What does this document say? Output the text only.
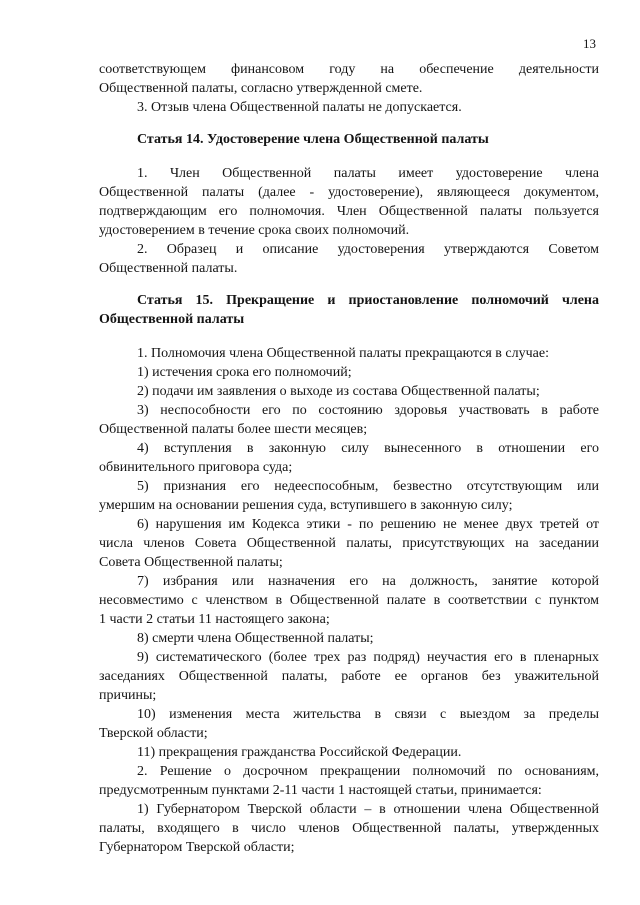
13
соответствующем финансовом году на обеспечение деятельности
Общественной палаты, согласно утвержденной смете.
3. Отзыв члена Общественной палаты не допускается.
Статья 14. Удостоверение члена Общественной палаты
1. Член Общественной палаты имеет удостоверение члена
Общественной палаты (далее - удостоверение), являющееся документом,
подтверждающим его полномочия. Член Общественной палаты пользуется
удостоверением в течение срока своих полномочий.
2. Образец и описание удостоверения утверждаются Советом
Общественной палаты.
Статья 15. Прекращение и приостановление полномочий члена
Общественной палаты
1. Полномочия члена Общественной палаты прекращаются в случае:
1) истечения срока его полномочий;
2) подачи им заявления о выходе из состава Общественной палаты;
3) неспособности его по состоянию здоровья участвовать в работе
Общественной палаты более шести месяцев;
4) вступления в законную силу вынесенного в отношении его
обвинительного приговора суда;
5) признания его недееспособным, безвестно отсутствующим или
умершим на основании решения суда, вступившего в законную силу;
6) нарушения им Кодекса этики - по решению не менее двух третей от
числа членов Совета Общественной палаты, присутствующих на заседании
Совета Общественной палаты;
7) избрания или назначения его на должность, занятие которой
несовместимо с членством в Общественной палате в соответствии с пунктом
1 части 2 статьи 11 настоящего закона;
8) смерти члена Общественной палаты;
9) систематического (более трех раз подряд) неучастия его в пленарных
заседаниях Общественной палаты, работе ее органов без уважительной
причины;
10) изменения места жительства в связи с выездом за пределы
Тверской области;
11) прекращения гражданства Российской Федерации.
2. Решение о досрочном прекращении полномочий по основаниям,
предусмотренным пунктами 2-11 части 1 настоящей статьи, принимается:
1) Губернатором Тверской области – в отношении члена Общественной
палаты, входящего в число членов Общественной палаты, утвержденных
Губернатором Тверской области;
